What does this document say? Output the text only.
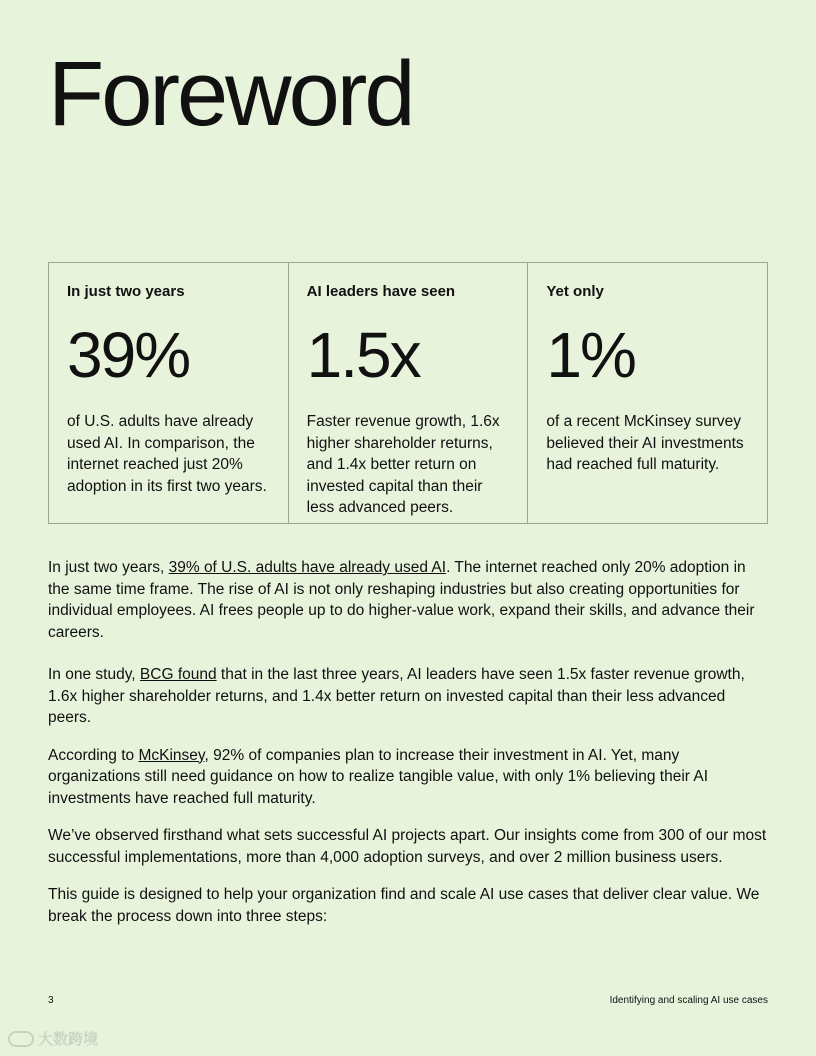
Foreword
In just two years
39%
of U.S. adults have already used AI. In comparison, the internet reached just 20% adoption in its first two years.
AI leaders have seen
1.5x
Faster revenue growth, 1.6x higher shareholder returns, and 1.4x better return on invested capital than their less advanced peers.
Yet only
1%
of a recent McKinsey survey believed their AI investments had reached full maturity.

In just two years, 39% of U.S. adults have already used AI. The internet reached only 20% adoption in the same time frame. The rise of AI is not only reshaping industries but also creating opportunities for individual employees. AI frees people up to do higher-value work, expand their skills, and advance their careers.

In one study, BCG found that in the last three years, AI leaders have seen 1.5x faster revenue growth, 1.6x higher shareholder returns, and 1.4x better return on invested capital than their less advanced peers.

According to McKinsey, 92% of companies plan to increase their investment in AI. Yet, many organizations still need guidance on how to realize tangible value, with only 1% believing their AI investments have reached full maturity.

We’ve observed firsthand what sets successful AI projects apart. Our insights come from 300 of our most successful implementations, more than 4,000 adoption surveys, and over 2 million business users.

This guide is designed to help your organization find and scale AI use cases that deliver clear value. We break the process down into three steps:

3	Identifying and scaling AI use cases
大数跨境
